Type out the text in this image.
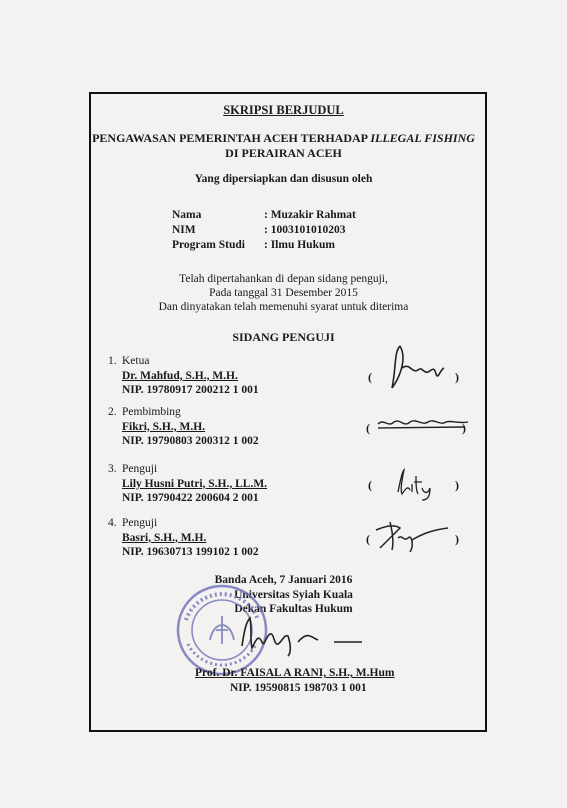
SKRIPSI BERJUDUL
PENGAWASAN PEMERINTAH ACEH TERHADAP ILLEGAL FISHING
DI PERAIRAN ACEH
Yang dipersiapkan dan disusun oleh
Nama	: Muzakir Rahmat
NIM	: 1003101010203
Program Studi	: Ilmu Hukum
Telah dipertahankan di depan sidang penguji,
Pada tanggal 31 Desember 2015
Dan dinyatakan telah memenuhi syarat untuk diterima
SIDANG PENGUJI
1. Ketua
Dr. Mahfud, S.H., M.H.
NIP. 19780917 200212 1 001
(	)
2. Pembimbing
Fikri, S.H., M.H.
NIP. 19790803 200312 1 002
(	)
3. Penguji
Lily Husni Putri, S.H., LL.M.
NIP. 19790422 200604 2 001
(	)
4. Penguji
Basri, S.H., M.H.
NIP. 19630713 199102 1 002
(	)
Banda Aceh, 7 Januari 2016
Universitas Syiah Kuala
Dekan Fakultas Hukum
Prof. Dr. FAISAL A RANI, S.H., M.Hum
NIP. 19590815 198703 1 001
